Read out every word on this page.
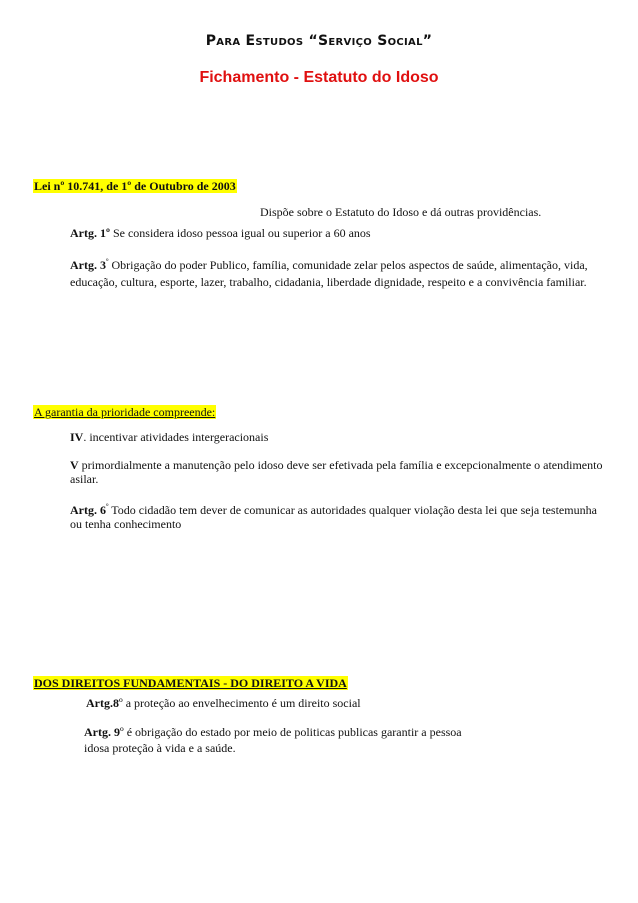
Para Estudos “Serviço Social”
Fichamento - Estatuto do Idoso
Lei nº 10.741, de 1º de Outubro de 2003
Dispõe sobre o Estatuto do Idoso e dá outras providências.
Artg. 1º Se considera idoso pessoa igual ou superior a 60 anos
Artg. $3^º$ Obrigação do poder Publico, família, comunidade zelar pelos aspectos de saúde, alimentação, vida,
educação, cultura, esporte, lazer, trabalho, cidadania, liberdade dignidade, respeito e a convivência familiar.
A garantia da prioridade compreende:
IV. incentivar atividades intergeracionais
V primordialmente a manutenção pelo idoso deve ser efetivada pela família e excepcionalmente o atendimento
asilar.
Artg. $6^º$ Todo cidadão tem dever de comunicar as autoridades qualquer violação desta lei que seja testemunha
ou tenha conhecimento
DOS DIREITOS FUNDAMENTAIS - DO DIREITO A VIDA
Artg.8º a proteção ao envelhecimento é um direito social
Artg. 9º é obrigação do estado por meio de politicas publicas garantir a pessoa
idosa proteção à vida e a saúde.
